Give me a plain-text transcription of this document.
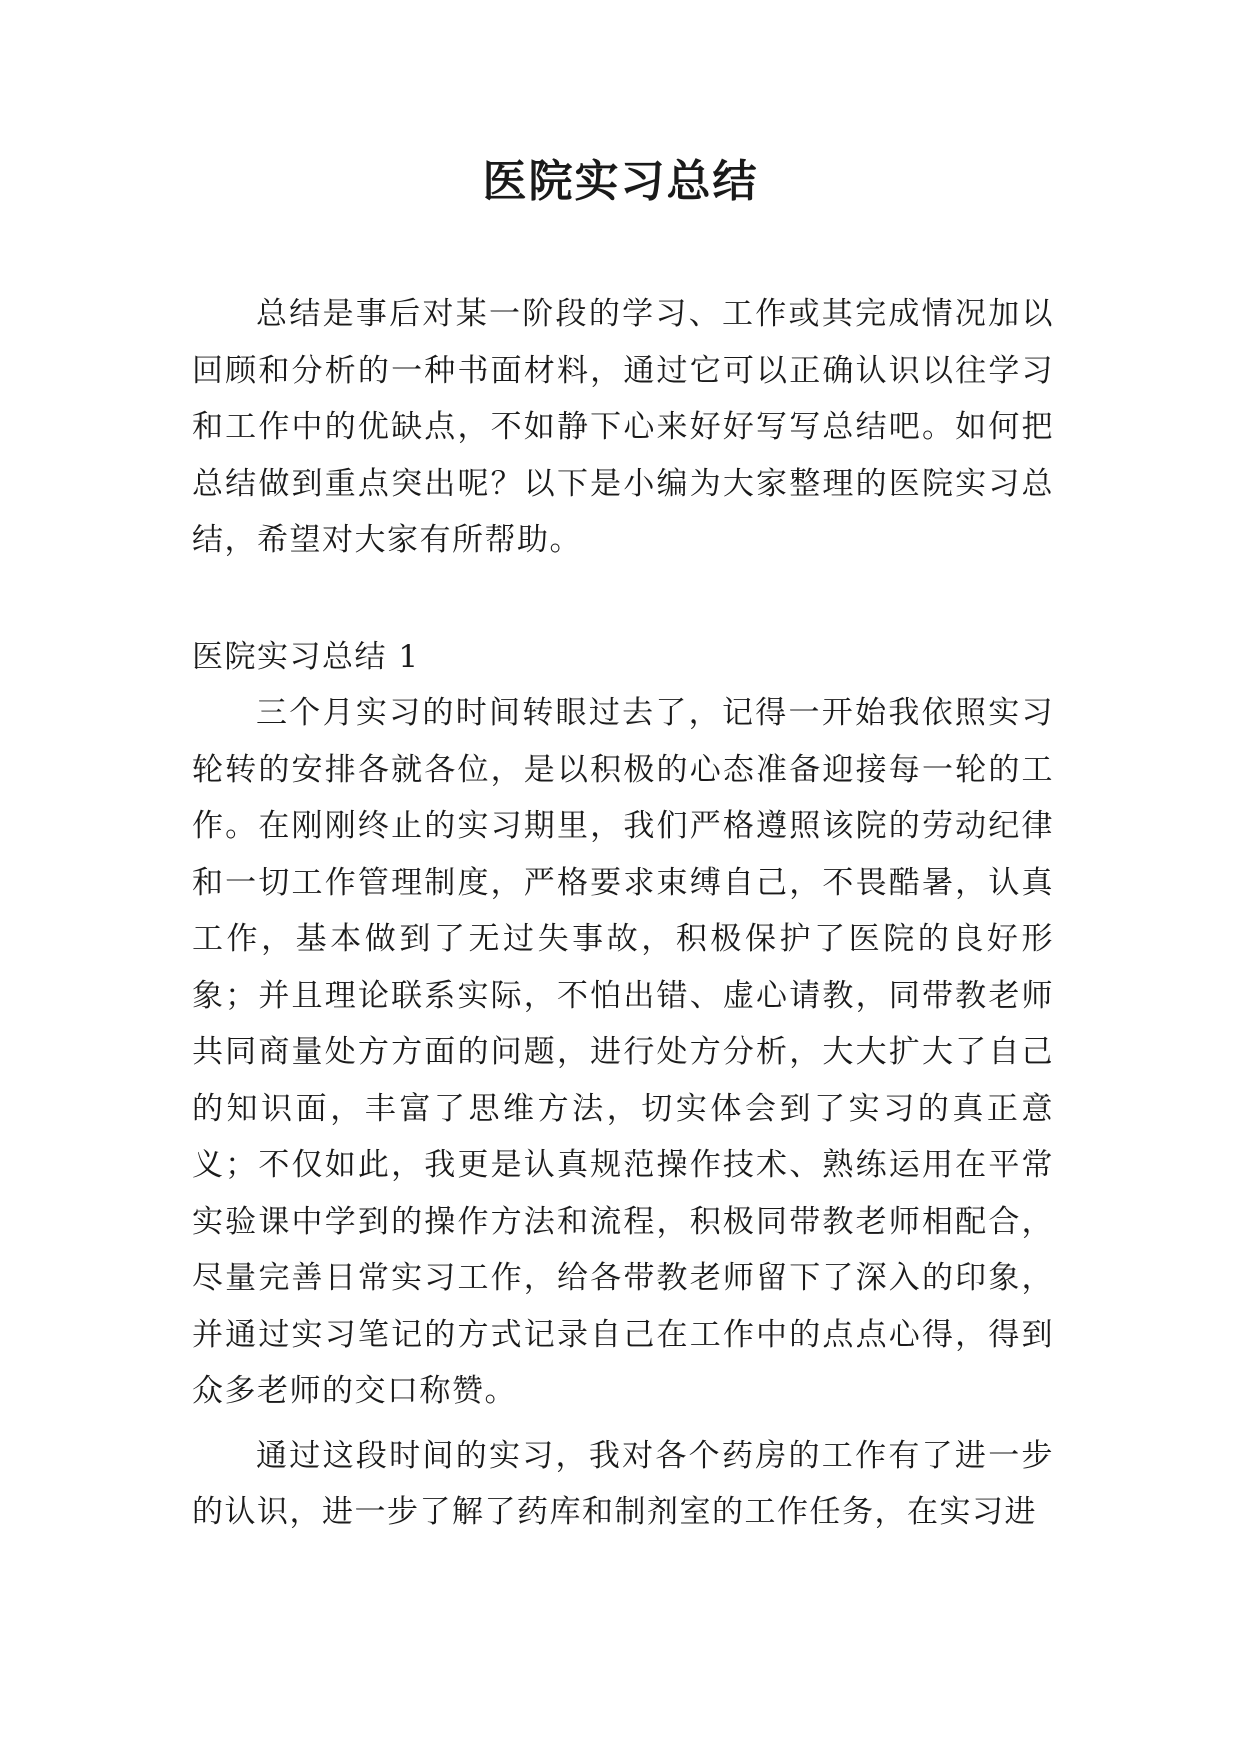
医院实习总结

总结是事后对某一阶段的学习、工作或其完成情况加以回顾和分析的一种书面材料，通过它可以正确认识以往学习和工作中的优缺点，不如静下心来好好写写总结吧。如何把总结做到重点突出呢？以下是小编为大家整理的医院实习总结，希望对大家有所帮助。

医院实习总结 1

三个月实习的时间转眼过去了，记得一开始我依照实习轮转的安排各就各位，是以积极的心态准备迎接每一轮的工作。在刚刚终止的实习期里，我们严格遵照该院的劳动纪律和一切工作管理制度，严格要求束缚自己，不畏酷暑，认真工作，基本做到了无过失事故，积极保护了医院的良好形象；并且理论联系实际，不怕出错、虚心请教，同带教老师共同商量处方方面的问题，进行处方分析，大大扩大了自己的知识面，丰富了思维方法，切实体会到了实习的真正意义；不仅如此，我更是认真规范操作技术、熟练运用在平常实验课中学到的操作方法和流程，积极同带教老师相配合，尽量完善日常实习工作，给各带教老师留下了深入的印象，并通过实习笔记的方式记录自己在工作中的点点心得，得到众多老师的交口称赞。

通过这段时间的实习，我对各个药房的工作有了进一步的认识，进一步了解了药库和制剂室的工作任务，在实习进
